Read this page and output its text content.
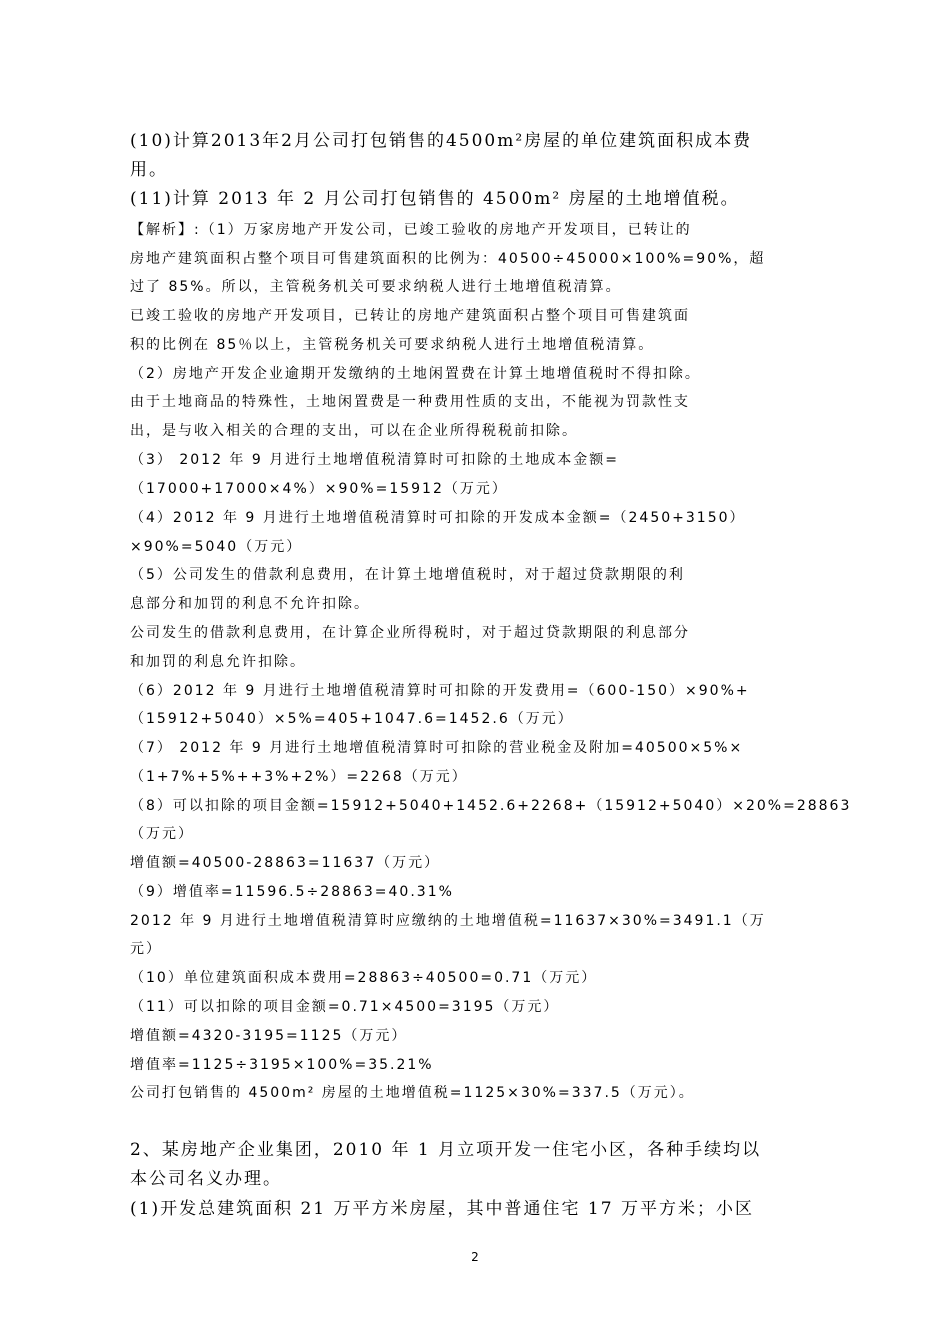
(10)计算2013年2月公司打包销售的4500m²房屋的单位建筑面积成本费
用。
(11)计算 2013 年 2 月公司打包销售的 4500m² 房屋的土地增值税。
【解析】:（1）万家房地产开发公司，已竣工验收的房地产开发项目，已转让的
房地产建筑面积占整个项目可售建筑面积的比例为：40500÷45000×100%=90%，超
过了 85%。所以，主管税务机关可要求纳税人进行土地增值税清算。
已竣工验收的房地产开发项目，已转让的房地产建筑面积占整个项目可售建筑面
积的比例在 85％以上，主管税务机关可要求纳税人进行土地增值税清算。
（2）房地产开发企业逾期开发缴纳的土地闲置费在计算土地增值税时不得扣除。
由于土地商品的特殊性，土地闲置费是一种费用性质的支出，不能视为罚款性支
出，是与收入相关的合理的支出，可以在企业所得税税前扣除。
（3） 2012 年 9 月进行土地增值税清算时可扣除的土地成本金额=
（17000+17000×4%）×90%=15912（万元）
（4）2012 年 9 月进行土地增值税清算时可扣除的开发成本金额=（2450+3150）
×90%=5040（万元）
（5）公司发生的借款利息费用，在计算土地增值税时，对于超过贷款期限的利
息部分和加罚的利息不允许扣除。
公司发生的借款利息费用，在计算企业所得税时，对于超过贷款期限的利息部分
和加罚的利息允许扣除。
（6）2012 年 9 月进行土地增值税清算时可扣除的开发费用=（600-150）×90%+
（15912+5040）×5%=405+1047.6=1452.6（万元）
（7） 2012 年 9 月进行土地增值税清算时可扣除的营业税金及附加=40500×5%×
（1+7%+5%++3%+2%）=2268（万元）
（8）可以扣除的项目金额=15912+5040+1452.6+2268+（15912+5040）×20%=28863
（万元）
增值额=40500-28863=11637（万元）
（9）增值率=11596.5÷28863=40.31%
2012 年 9 月进行土地增值税清算时应缴纳的土地增值税=11637×30%=3491.1（万
元）
（10）单位建筑面积成本费用=28863÷40500=0.71（万元）
（11）可以扣除的项目金额=0.71×4500=3195（万元）
增值额=4320-3195=1125（万元）
增值率=1125÷3195×100%=35.21%
公司打包销售的 4500m² 房屋的土地增值税=1125×30%=337.5（万元）。
2、某房地产企业集团，2010 年 1 月立项开发一住宅小区，各种手续均以
本公司名义办理。
(1)开发总建筑面积 21 万平方米房屋，其中普通住宅 17 万平方米；小区
2
